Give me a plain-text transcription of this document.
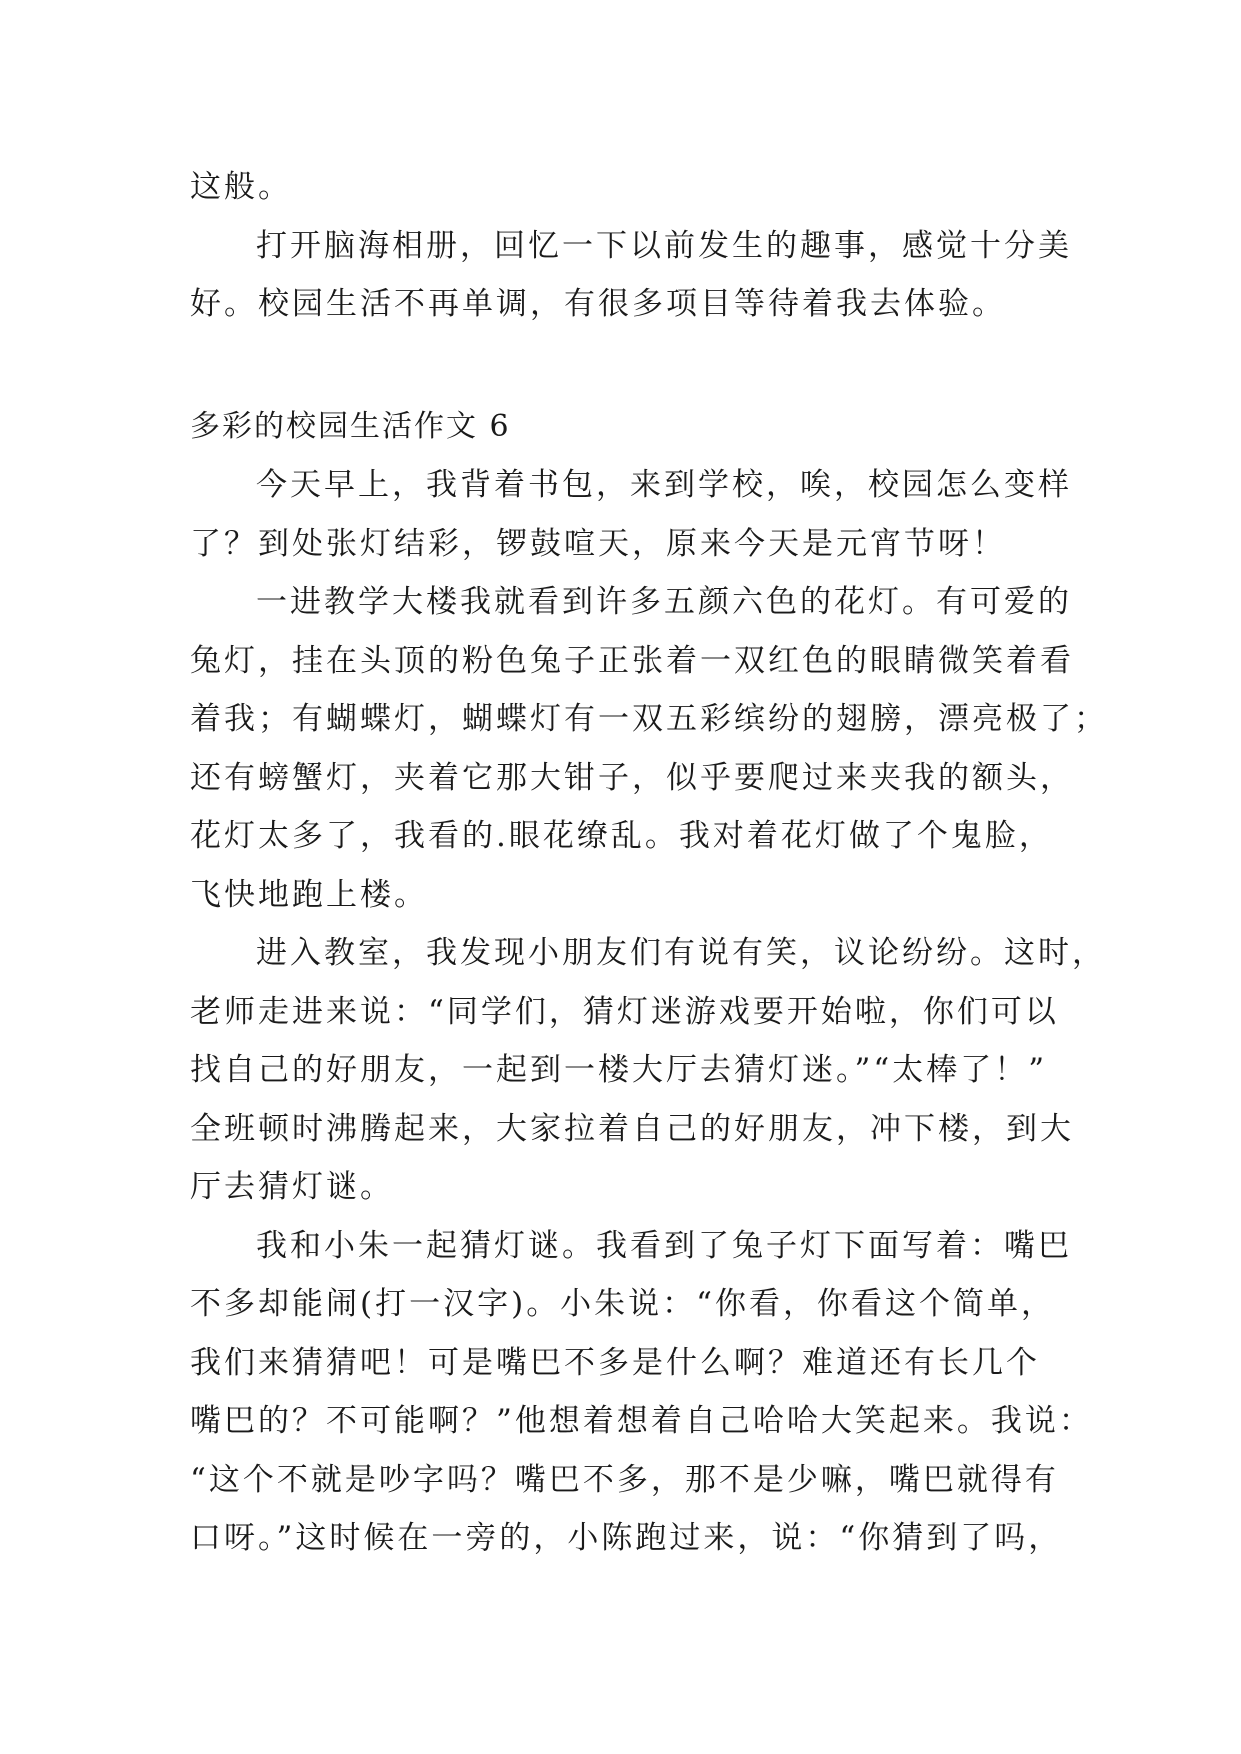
这般。
打开脑海相册，回忆一下以前发生的趣事，感觉十分美
好。校园生活不再单调，有很多项目等待着我去体验。
多彩的校园生活作文 6
今天早上，我背着书包，来到学校，唉，校园怎么变样
了？到处张灯结彩，锣鼓喧天，原来今天是元宵节呀！
一进教学大楼我就看到许多五颜六色的花灯。有可爱的
兔灯，挂在头顶的粉色兔子正张着一双红色的眼睛微笑着看
着我；有蝴蝶灯，蝴蝶灯有一双五彩缤纷的翅膀，漂亮极了；
还有螃蟹灯，夹着它那大钳子，似乎要爬过来夹我的额头，
花灯太多了，我看的.眼花缭乱。我对着花灯做了个鬼脸，
飞快地跑上楼。
进入教室，我发现小朋友们有说有笑，议论纷纷。这时，
老师走进来说：“同学们，猜灯迷游戏要开始啦，你们可以
找自己的好朋友，一起到一楼大厅去猜灯迷。”“太棒了！”
全班顿时沸腾起来，大家拉着自己的好朋友，冲下楼，到大
厅去猜灯谜。
我和小朱一起猜灯谜。我看到了兔子灯下面写着：嘴巴
不多却能闹(打一汉字)。小朱说：“你看，你看这个简单，
我们来猜猜吧！可是嘴巴不多是什么啊？难道还有长几个
嘴巴的？不可能啊？”他想着想着自己哈哈大笑起来。我说：
“这个不就是吵字吗？嘴巴不多，那不是少嘛，嘴巴就得有
口呀。”这时候在一旁的，小陈跑过来，说：“你猜到了吗，
